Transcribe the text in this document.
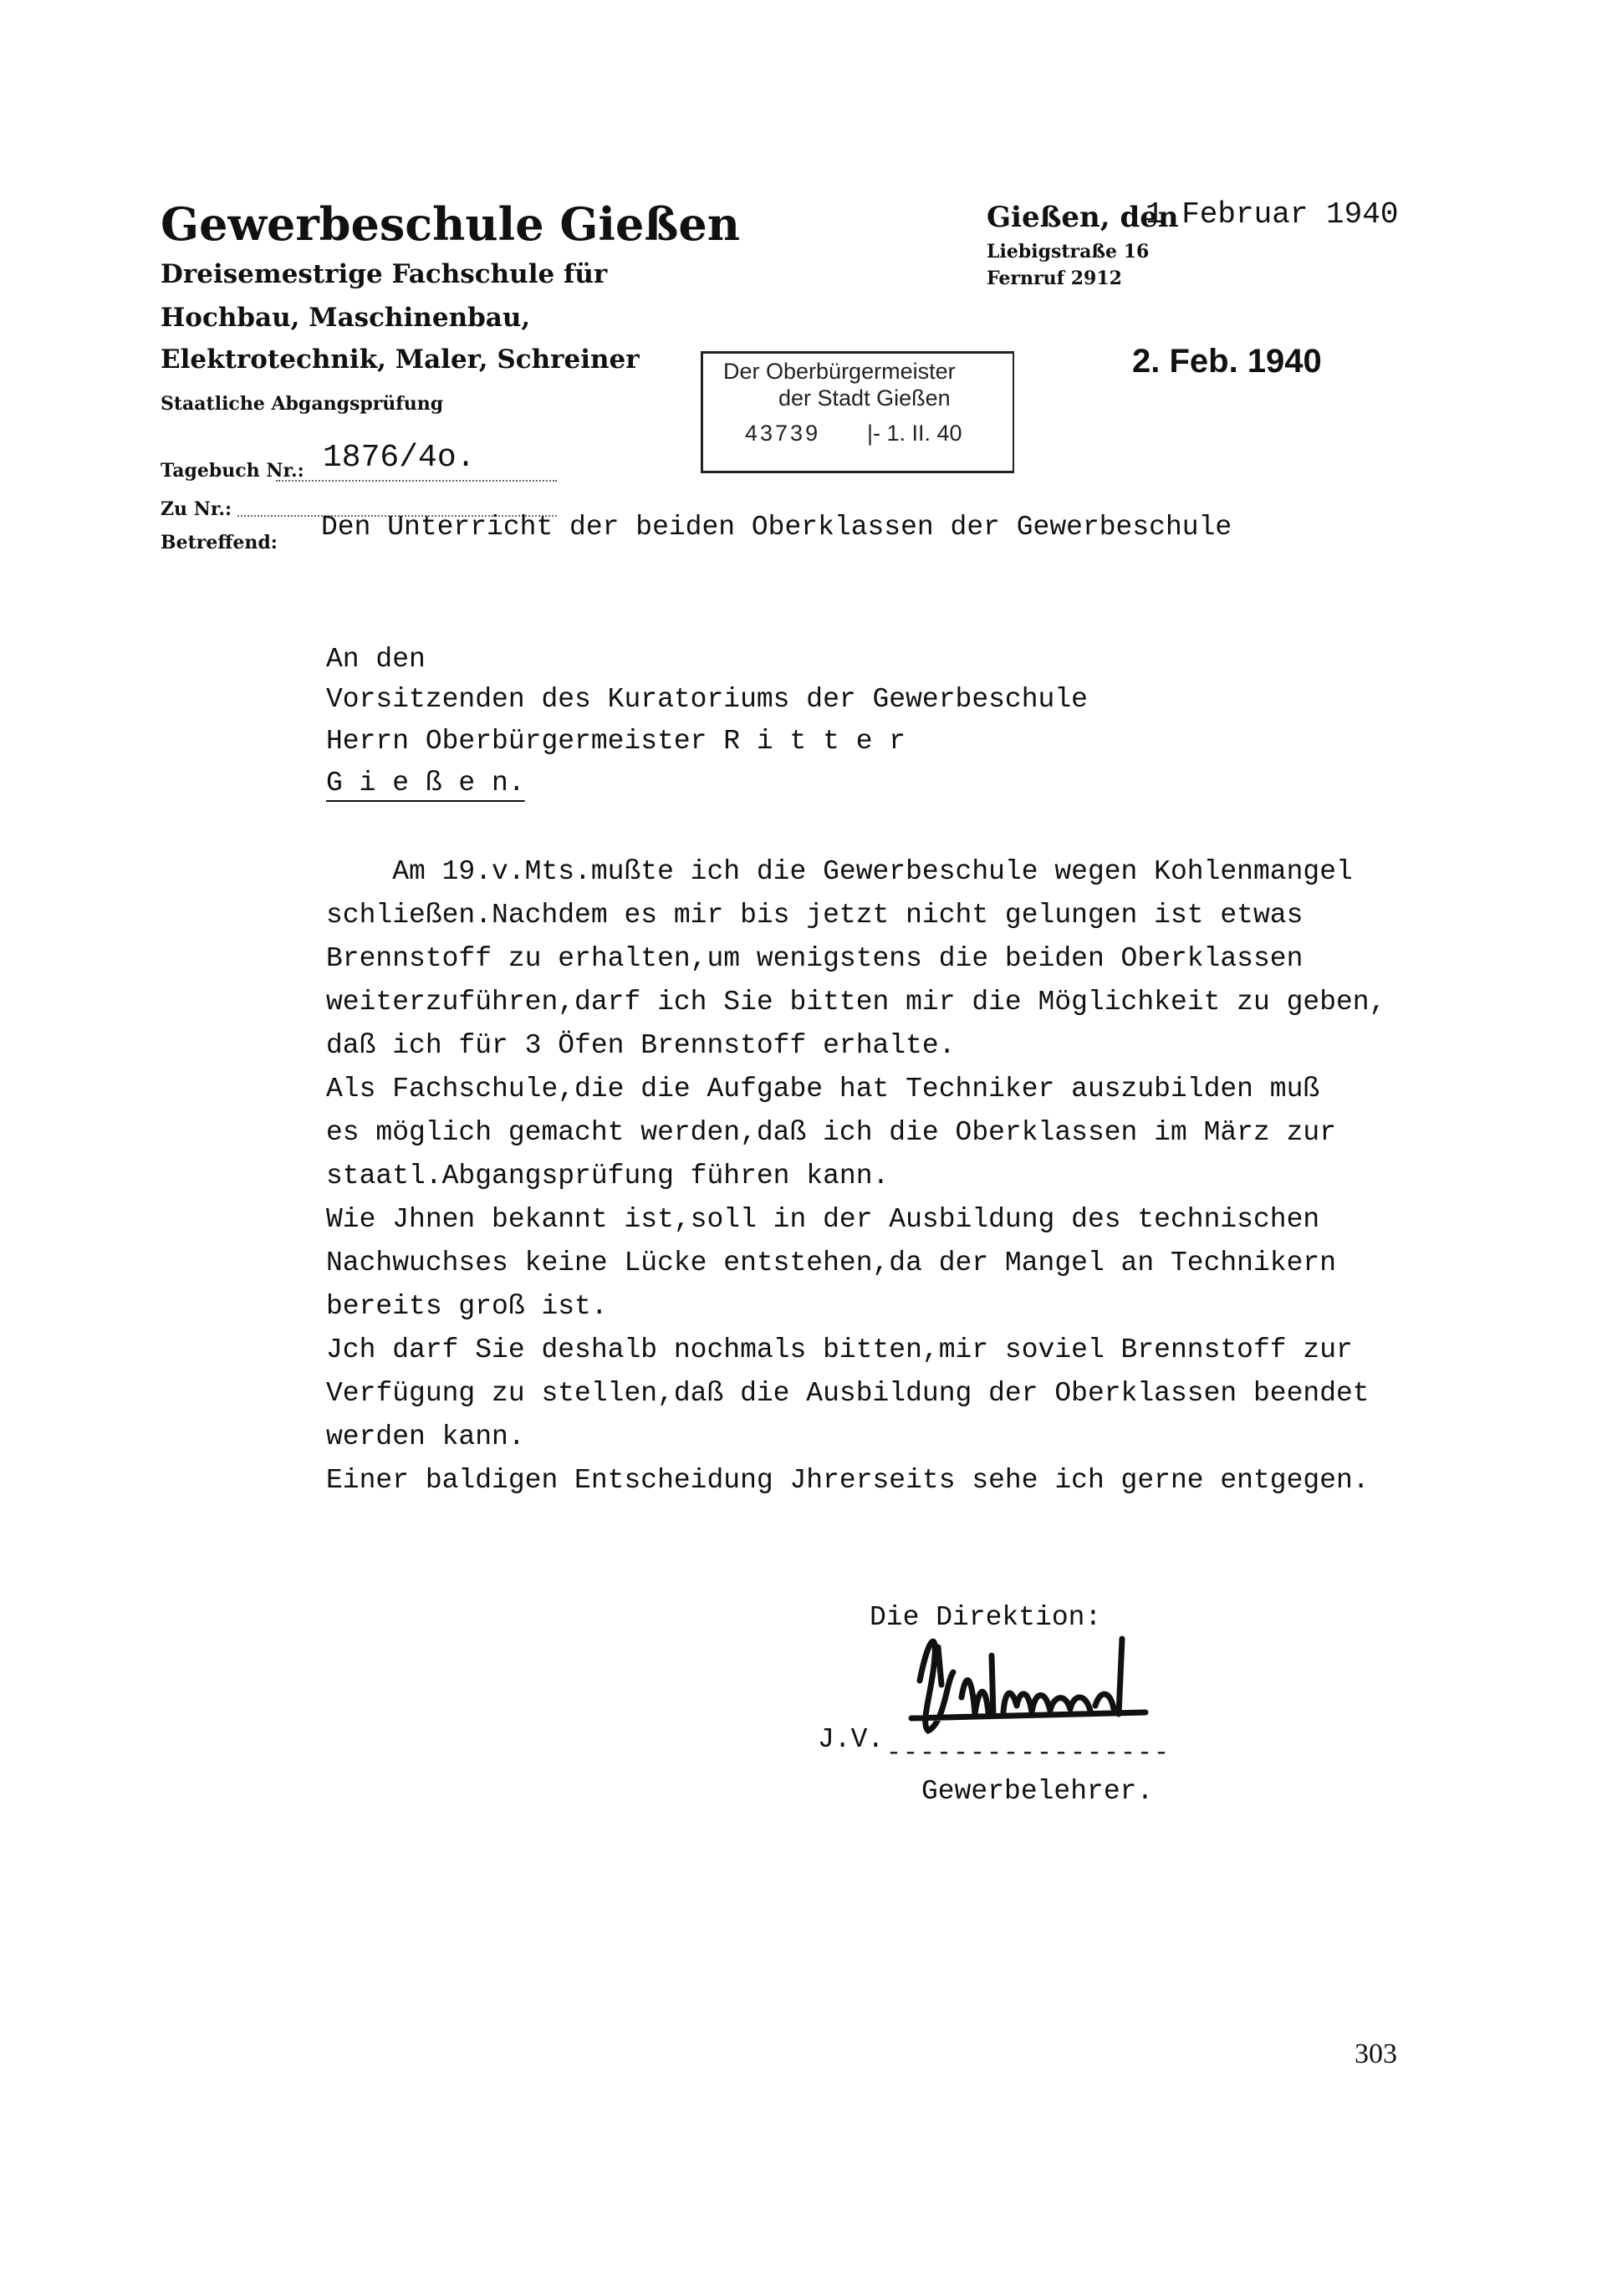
Gewerbeschule Gießen
Dreisemestrige Fachschule für
Hochbau, Maschinenbau,
Elektrotechnik, Maler, Schreiner
Staatliche Abgangsprüfung
Gießen, den
1.Februar 1940
Liebigstraße 16
Fernruf 2912
Der Oberbürgermeister
der Stadt Gießen
43739 |- 1. II. 40
2. Feb. 1940
Tagebuch Nr.: 1876/4o.
Zu Nr.:
Betreffend: Den Unterricht der beiden Oberklassen der Gewerbeschule
An den
Vorsitzenden des Kuratoriums der Gewerbeschule
Herrn Oberbürgermeister R i t t e r
G i e ß e n.
Am 19.v.Mts.mußte ich die Gewerbeschule wegen Kohlenmangel
schließen.Nachdem es mir bis jetzt nicht gelungen ist etwas
Brennstoff zu erhalten,um wenigstens die beiden Oberklassen
weiterzuführen,darf ich Sie bitten mir die Möglichkeit zu geben,
daß ich für 3 Öfen Brennstoff erhalte.
Als Fachschule,die die Aufgabe hat Techniker auszubilden muß
es möglich gemacht werden,daß ich die Oberklassen im März zur
staatl.Abgangsprüfung führen kann.
Wie Jhnen bekannt ist,soll in der Ausbildung des technischen
Nachwuchses keine Lücke entstehen,da der Mangel an Technikern
bereits groß ist.
Jch darf Sie deshalb nochmals bitten,mir soviel Brennstoff zur
Verfügung zu stellen,daß die Ausbildung der Oberklassen beendet
werden kann.
Einer baldigen Entscheidung Jhrerseits sehe ich gerne entgegen.
Die Direktion:
J.V. -----------------
Gewerbelehrer.
303
